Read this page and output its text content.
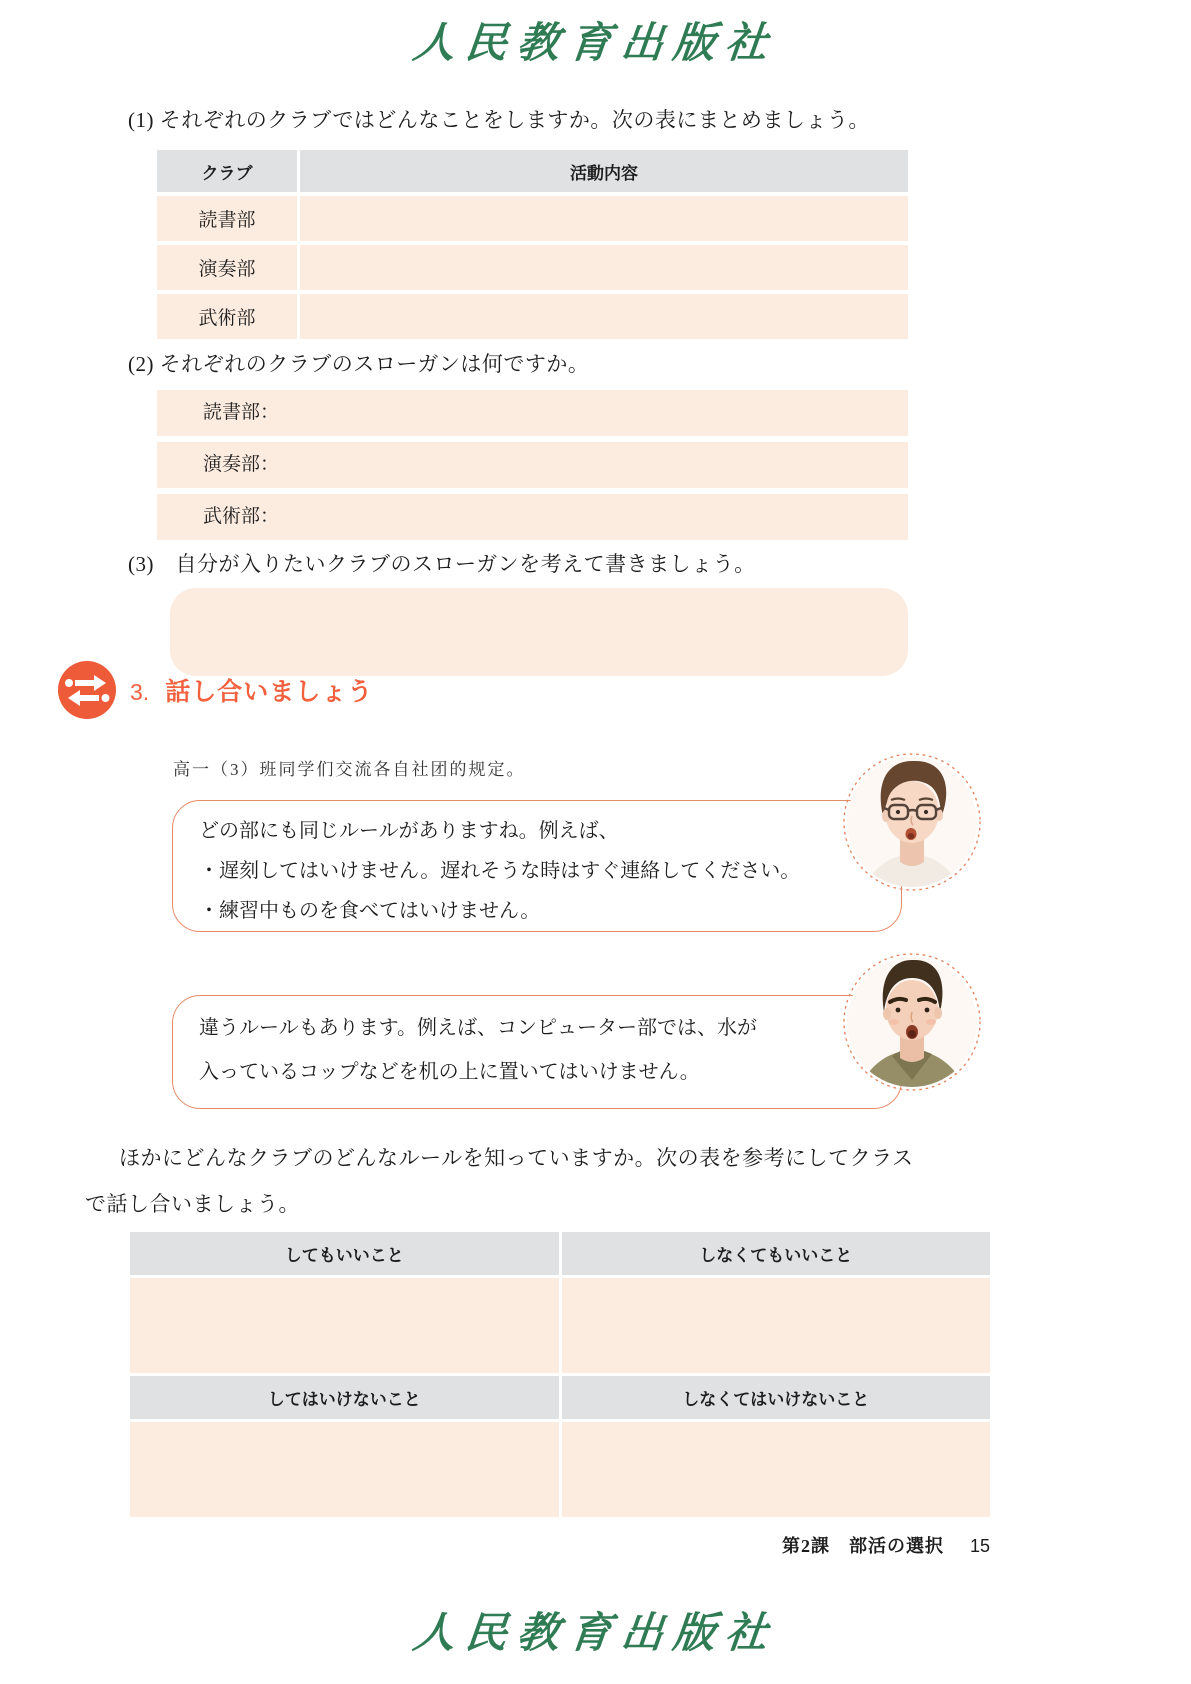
人民教育出版社
(1) それぞれのクラブではどんなことをしますか。次の表にまとめましょう。
クラブ	活動内容
読書部
演奏部
武術部
(2) それぞれのクラブのスローガンは何ですか。
読書部：
演奏部：
武術部：
(3)　自分が入りたいクラブのスローガンを考えて書きましょう。
3. 話し合いましょう
高一（3）班同学们交流各自社团的规定。
どの部にも同じルールがありますね。例えば、
・遅刻してはいけません。遅れそうな時はすぐ連絡してください。
・練習中ものを食べてはいけません。
違うルールもあります。例えば、コンピューター部では、水が
入っているコップなどを机の上に置いてはいけません。
ほかにどんなクラブのどんなルールを知っていますか。次の表を参考にしてクラス
で話し合いましょう。
してもいいこと	しなくてもいいこと
してはいけないこと	しなくてはいけないこと
第2課　部活の選択 15
人民教育出版社
